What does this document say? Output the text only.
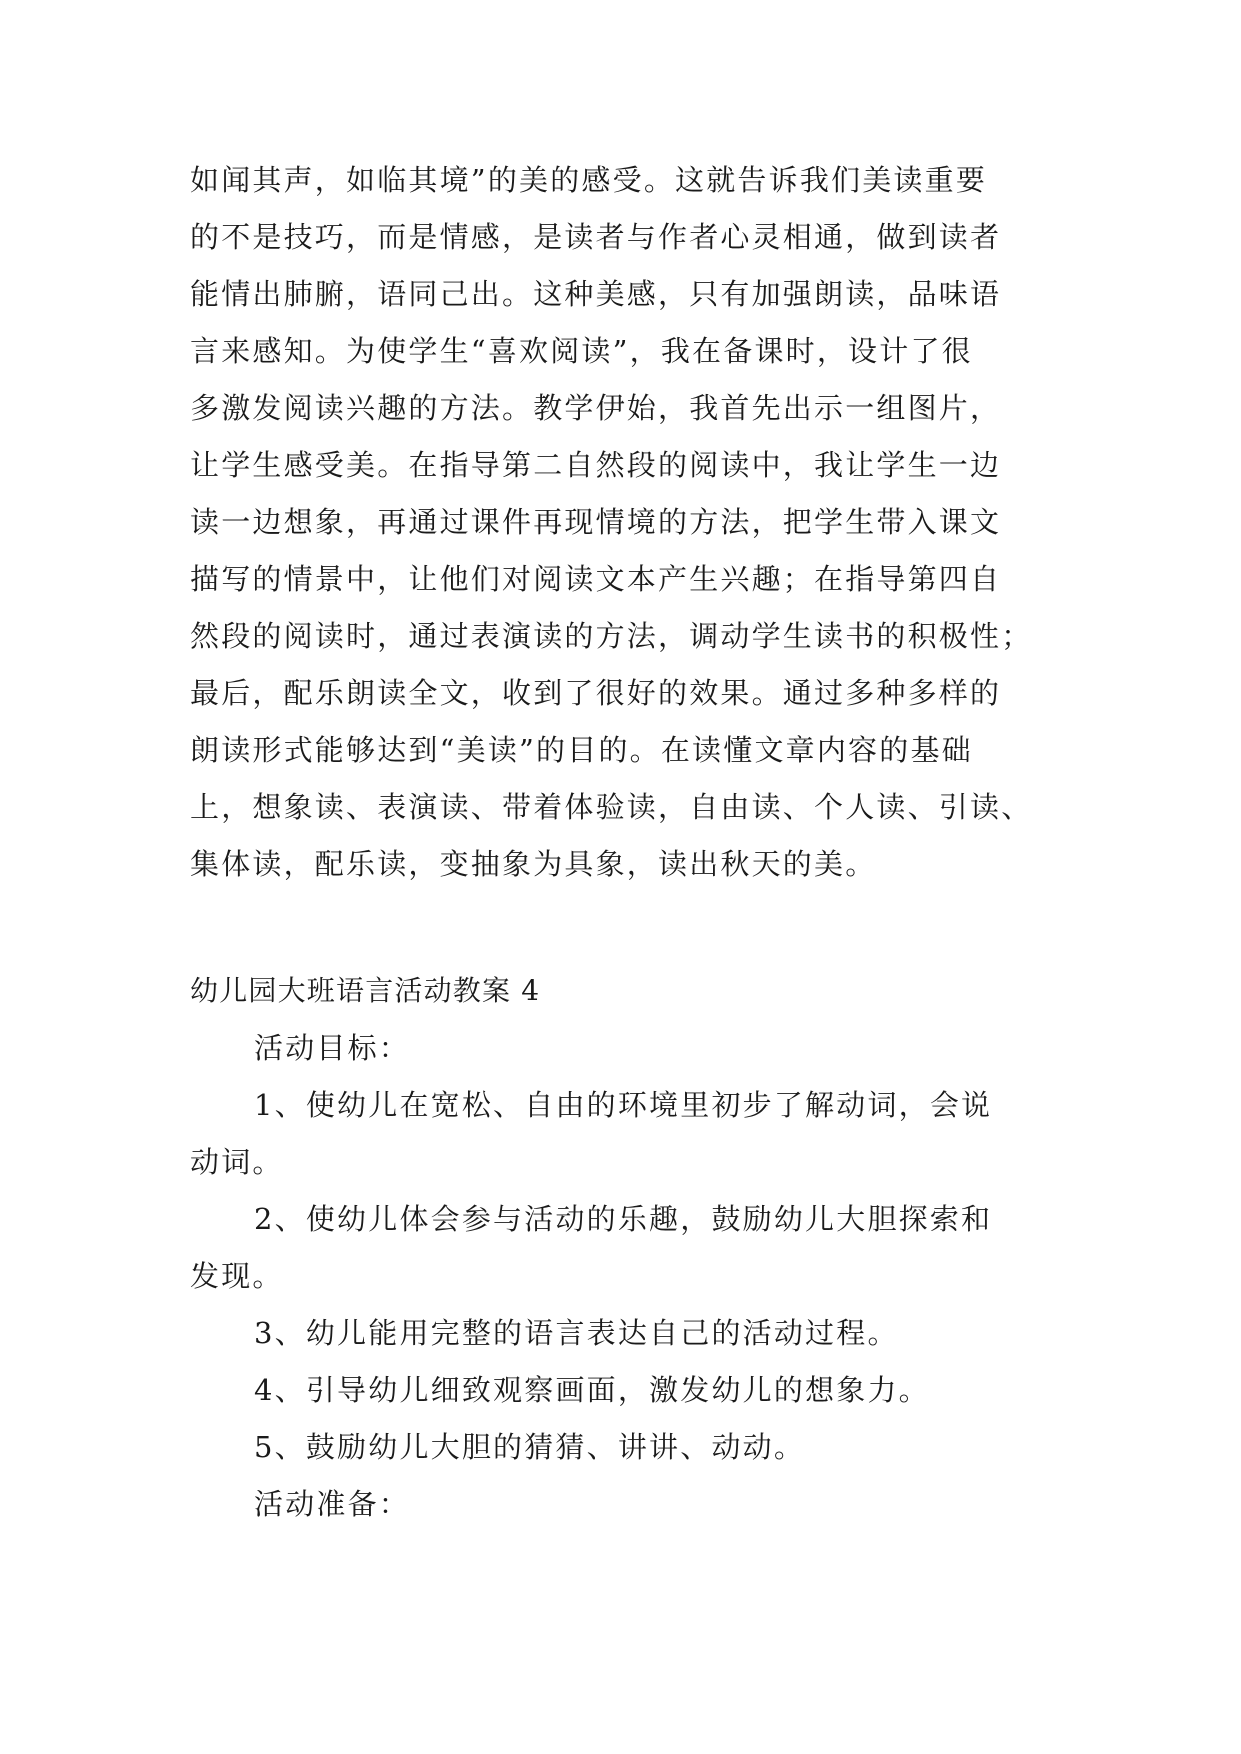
如闻其声，如临其境”的美的感受。这就告诉我们美读重要
的不是技巧，而是情感，是读者与作者心灵相通，做到读者
能情出肺腑，语同己出。这种美感，只有加强朗读，品味语
言来感知。为使学生“喜欢阅读”，我在备课时，设计了很
多激发阅读兴趣的方法。教学伊始，我首先出示一组图片，
让学生感受美。在指导第二自然段的阅读中，我让学生一边
读一边想象，再通过课件再现情境的方法，把学生带入课文
描写的情景中，让他们对阅读文本产生兴趣；在指导第四自
然段的阅读时，通过表演读的方法，调动学生读书的积极性；
最后，配乐朗读全文，收到了很好的效果。通过多种多样的
朗读形式能够达到“美读”的目的。在读懂文章内容的基础
上，想象读、表演读、带着体验读，自由读、个人读、引读、
集体读，配乐读，变抽象为具象，读出秋天的美。
幼儿园大班语言活动教案 4
活动目标：
1、使幼儿在宽松、自由的环境里初步了解动词，会说
动词。
2、使幼儿体会参与活动的乐趣，鼓励幼儿大胆探索和
发现。
3、幼儿能用完整的语言表达自己的活动过程。
4、引导幼儿细致观察画面，激发幼儿的想象力。
5、鼓励幼儿大胆的猜猜、讲讲、动动。
活动准备：
